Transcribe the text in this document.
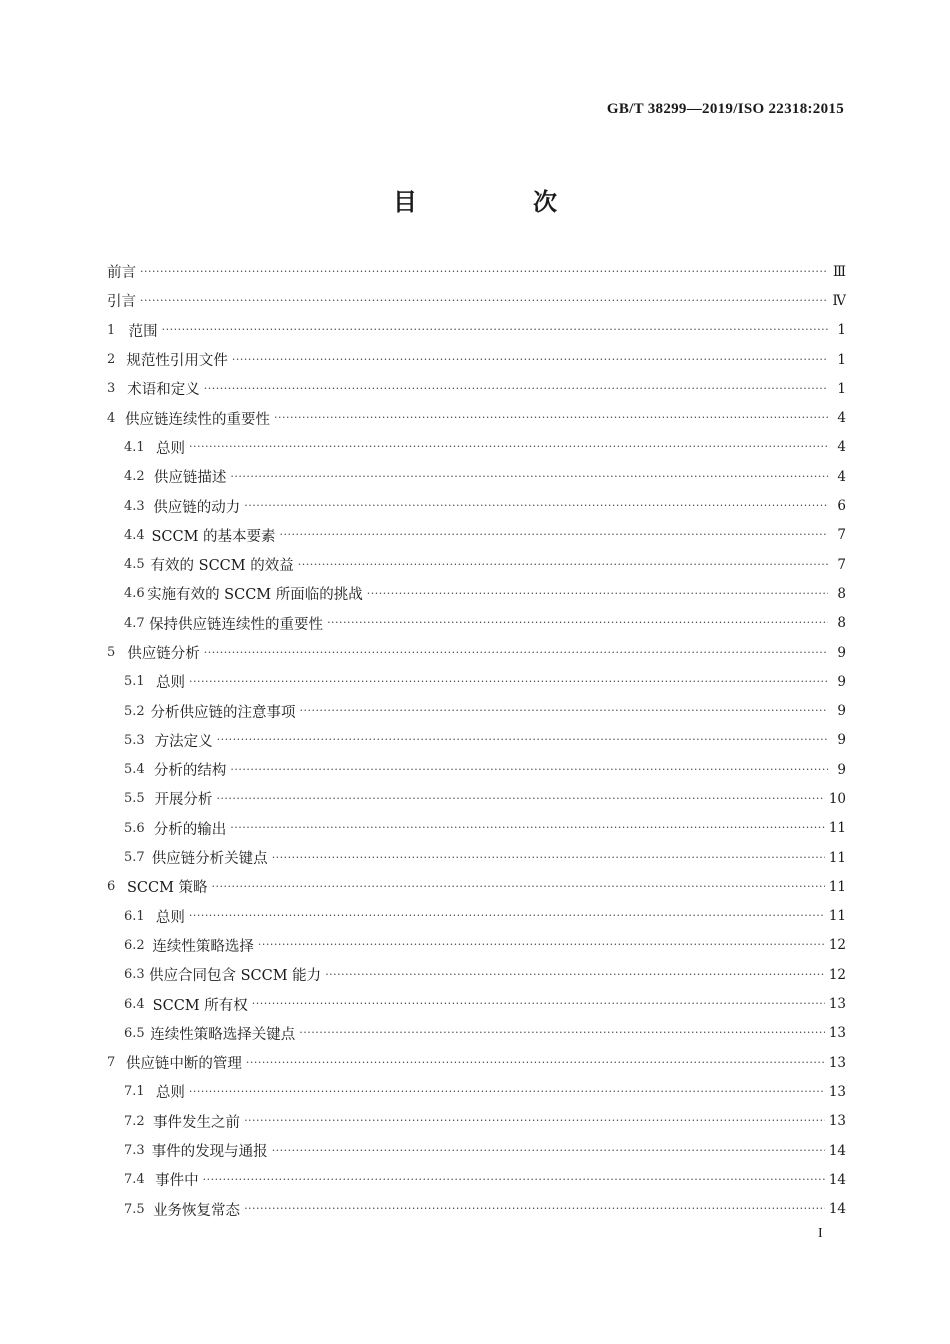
GB/T 38299—2019/ISO 22318:2015
目　次
前言 ·····	Ⅲ
引言 ·····	Ⅳ
1 范围 ·····	1
2 规范性引用文件 ·····	1
3 术语和定义 ·····	1
4 供应链连续性的重要性 ·····	4
4.1 总则 ·····	4
4.2 供应链描述 ·····	4
4.3 供应链的动力 ·····	6
4.4 SCCM 的基本要素 ·····	7
4.5 有效的 SCCM 的效益 ·····	7
4.6 实施有效的 SCCM 所面临的挑战 ·····	8
4.7 保持供应链连续性的重要性 ·····	8
5 供应链分析 ·····	9
5.1 总则 ·····	9
5.2 分析供应链的注意事项 ·····	9
5.3 方法定义 ·····	9
5.4 分析的结构 ·····	9
5.5 开展分析 ·····	10
5.6 分析的输出 ·····	11
5.7 供应链分析关键点 ·····	11
6 SCCM 策略 ·····	11
6.1 总则 ·····	11
6.2 连续性策略选择 ·····	12
6.3 供应合同包含 SCCM 能力 ·····	12
6.4 SCCM 所有权 ·····	13
6.5 连续性策略选择关键点 ·····	13
7 供应链中断的管理 ·····	13
7.1 总则 ·····	13
7.2 事件发生之前 ·····	13
7.3 事件的发现与通报 ·····	14
7.4 事件中 ·····	14
7.5 业务恢复常态 ·····	14
I
